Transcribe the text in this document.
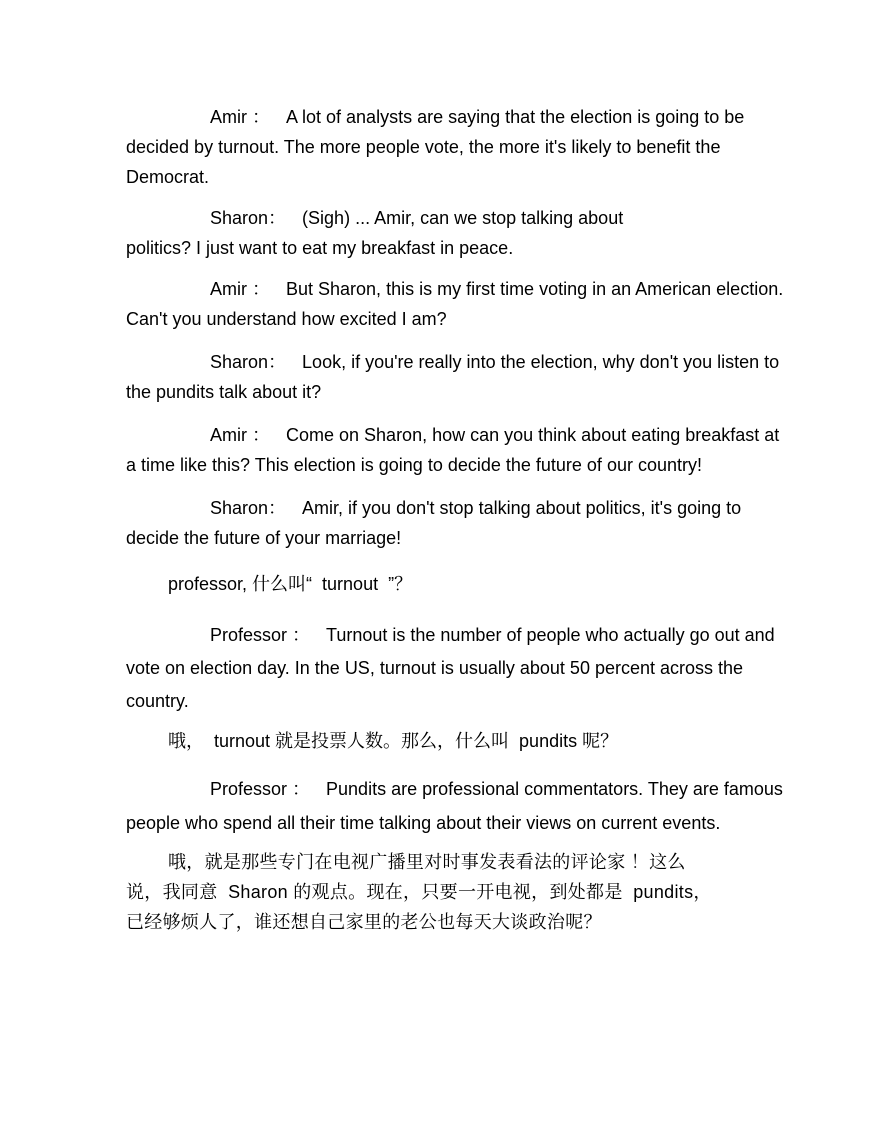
Amir ： A lot of analysts are saying that the election is going to be decided by turnout. The more people vote, the more it's likely to benefit the Democrat.

Sharon： (Sigh) ... Amir, can we stop talking about
politics? I just want to eat my breakfast in peace.

Amir ： But Sharon, this is my first time voting in an American election. Can't you understand how excited I am?

Sharon： Look, if you're really into the election, why don't you listen to the pundits talk about it?

Amir ： Come on Sharon, how can you think about eating breakfast at a time like this? This election is going to decide the future of our country!

Sharon： Amir, if you don't stop talking about politics, it's going to decide the future of your marriage!

professor, 什么叫“  turnout  ”？

Professor ： Turnout is the number of people who actually go out and vote on election day. In the US, turnout is usually about 50 percent across the country.

哦，  turnout 就是投票人数。那么，什么叫  pundits 呢？

Professor ： Pundits are professional commentators. They are famous people who spend all their time talking about their views on current events.

哦，就是那些专门在电视广播里对时事发表看法的评论家 ！这么
说，我同意  Sharon 的观点。现在，只要一开电视，到处都是  pundits，
已经够烦人了，谁还想自己家里的老公也每天大谈政治呢？
